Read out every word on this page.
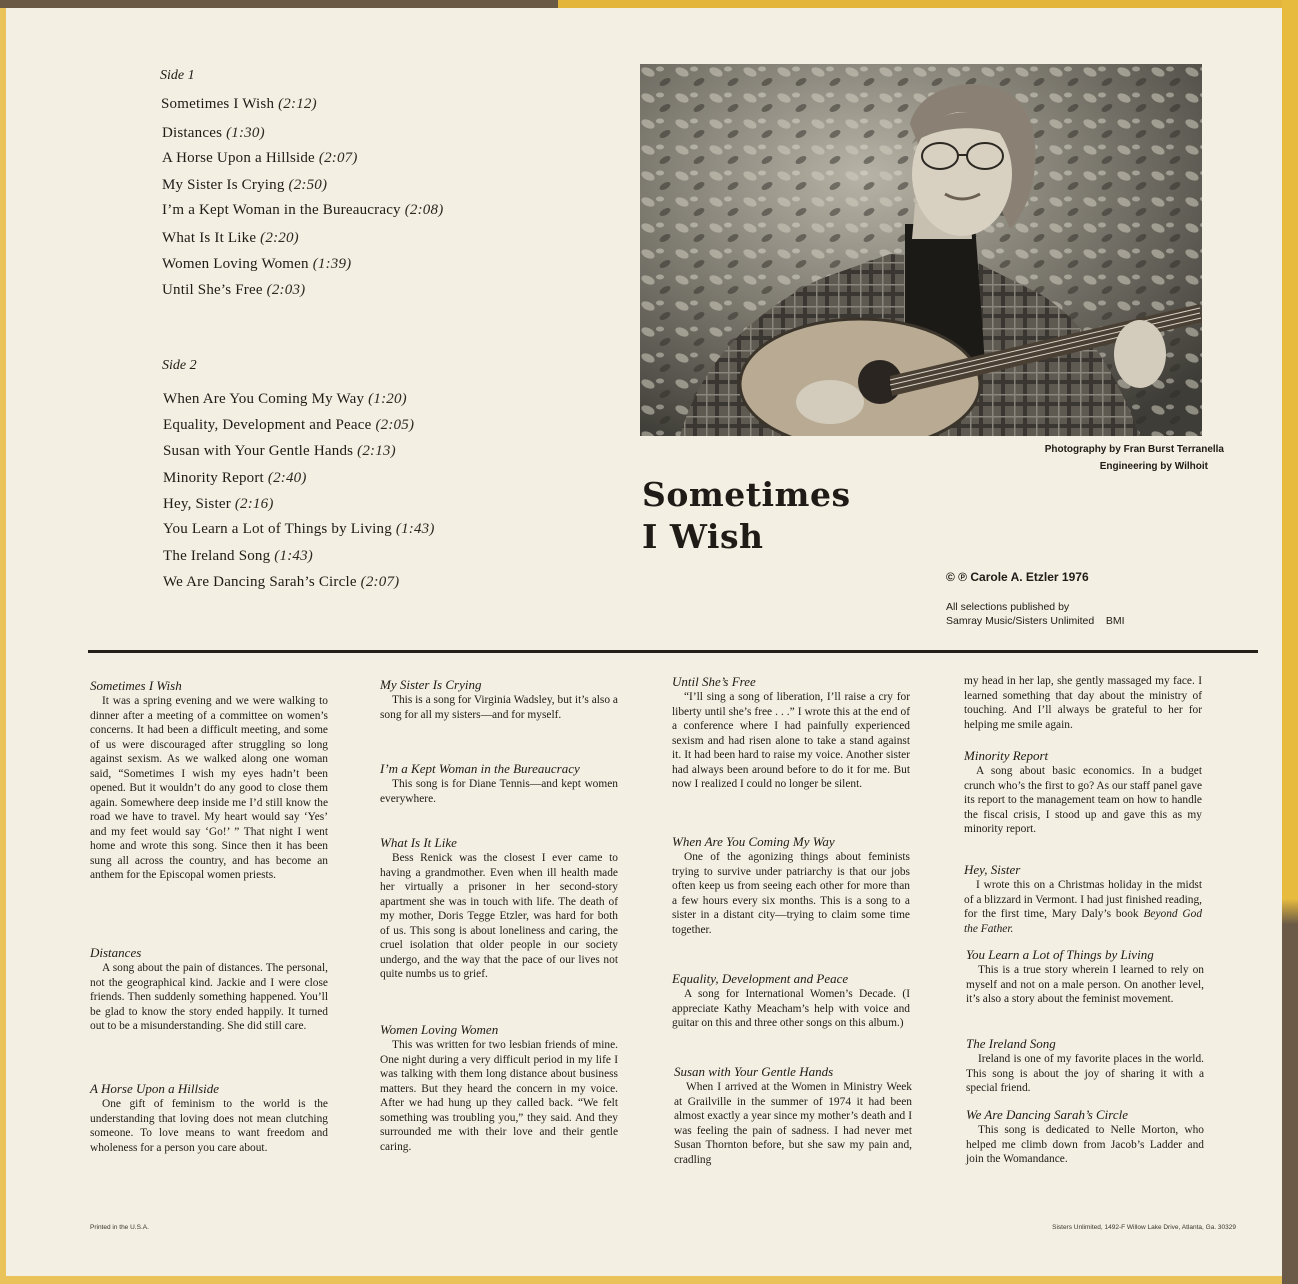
Side 1
Sometimes I Wish (2:12)
Distances (1:30)
A Horse Upon a Hillside (2:07)
My Sister Is Crying (2:50)
I’m a Kept Woman in the Bureaucracy (2:08)
What Is It Like (2:20)
Women Loving Women (1:39)
Until She’s Free (2:03)
Side 2
When Are You Coming My Way (1:20)
Equality, Development and Peace (2:05)
Susan with Your Gentle Hands (2:13)
Minority Report (2:40)
Hey, Sister (2:16)
You Learn a Lot of Things by Living (1:43)
The Ireland Song (1:43)
We Are Dancing Sarah’s Circle (2:07)
Photography by Fran Burst Terranella
Engineering by Wilhoit
Sometimes
I Wish
© ℗ Carole A. Etzler 1976
All selections published by
Samray Music/Sisters Unlimited    BMI
Sometimes I Wish

It was a spring evening and we were walking to dinner after a meeting of a committee on women’s concerns. It had been a difficult meeting, and some of us were discouraged after struggling so long against sexism. As we walked along one woman said, “Sometimes I wish my eyes hadn’t been opened. But it wouldn’t do any good to close them again. Somewhere deep inside me I’d still know the road we have to travel. My heart would say ‘Yes’ and my feet would say ‘Go!’ ” That night I went home and wrote this song. Since then it has been sung all across the country, and has become an anthem for the Episcopal women priests.

Distances

A song about the pain of distances. The personal, not the geographical kind. Jackie and I were close friends. Then suddenly something happened. You’ll be glad to know the story ended happily. It turned out to be a misunderstanding. She did still care.

A Horse Upon a Hillside

One gift of feminism to the world is the understanding that loving does not mean clutching someone. To love means to want freedom and wholeness for a person you care about.

My Sister Is Crying

This is a song for Virginia Wadsley, but it’s also a song for all my sisters—and for myself.

I’m a Kept Woman in the Bureaucracy

This song is for Diane Tennis—and kept women everywhere.

What Is It Like

Bess Renick was the closest I ever came to having a grandmother. Even when ill health made her virtually a prisoner in her second-story apartment she was in touch with life. The death of my mother, Doris Tegge Etzler, was hard for both of us. This song is about loneliness and caring, the cruel isolation that older people in our society undergo, and the way that the pace of our lives not quite numbs us to grief.

Women Loving Women

This was written for two lesbian friends of mine. One night during a very difficult period in my life I was talking with them long distance about business matters. But they heard the concern in my voice. After we had hung up they called back. “We felt something was troubling you,” they said. And they surrounded me with their love and their gentle caring.

Until She’s Free

“I’ll sing a song of liberation, I’ll raise a cry for liberty until she’s free . . .” I wrote this at the end of a conference where I had painfully experienced sexism and had risen alone to take a stand against it. It had been hard to raise my voice. Another sister had always been around before to do it for me. But now I realized I could no longer be silent.

When Are You Coming My Way

One of the agonizing things about feminists trying to survive under patriarchy is that our jobs often keep us from seeing each other for more than a few hours every six months. This is a song to a sister in a distant city—trying to claim some time together.

Equality, Development and Peace

A song for International Women’s Decade. (I appreciate Kathy Meacham’s help with voice and guitar on this and three other songs on this album.)

Susan with Your Gentle Hands

When I arrived at the Women in Ministry Week at Grailville in the summer of 1974 it had been almost exactly a year since my mother’s death and I was feeling the pain of sadness. I had never met Susan Thornton before, but she saw my pain and, cradling

my head in her lap, she gently massaged my face. I learned something that day about the ministry of touching. And I’ll always be grateful to her for helping me smile again.

Minority Report

A song about basic economics. In a budget crunch who’s the first to go? As our staff panel gave its report to the management team on how to handle the fiscal crisis, I stood up and gave this as my minority report.

Hey, Sister

I wrote this on a Christmas holiday in the midst of a blizzard in Vermont. I had just finished reading, for the first time, Mary Daly’s book Beyond God the Father.

You Learn a Lot of Things by Living

This is a true story wherein I learned to rely on myself and not on a male person. On another level, it’s also a story about the feminist movement.

The Ireland Song

Ireland is one of my favorite places in the world. This song is about the joy of sharing it with a special friend.

We Are Dancing Sarah’s Circle

This song is dedicated to Nelle Morton, who helped me climb down from Jacob’s Ladder and join the Womandance.

Printed in the U.S.A.	Sisters Unlimited, 1492-F Willow Lake Drive, Atlanta, Ga. 30329
